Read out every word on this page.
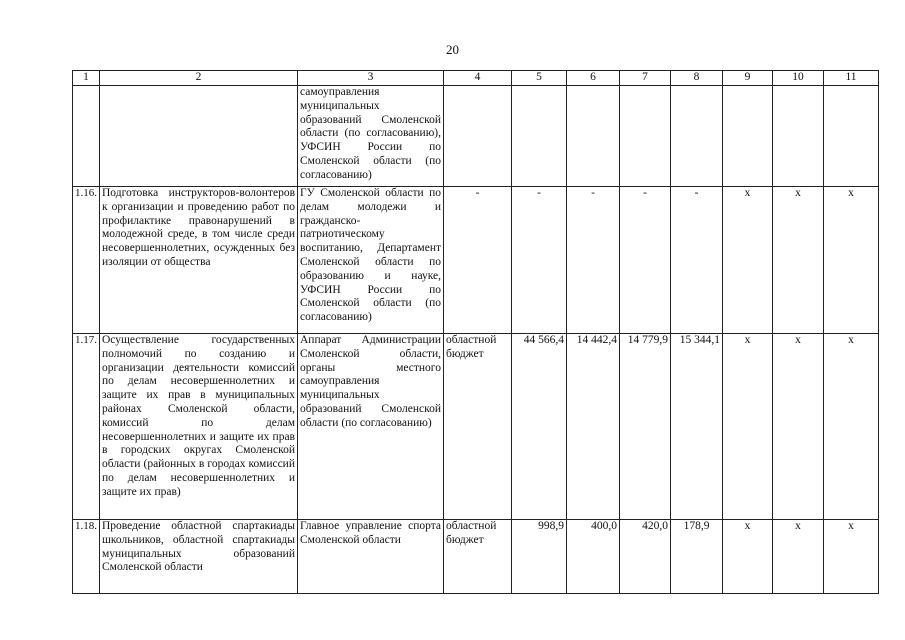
20
1	2	3	4	5	6	7	8	9	10	11
		самоуправления муниципальных образований Смоленской области (по согласованию), УФСИН России по Смоленской области (по согласованию)								
1.16.	Подготовка инструкторов-волонтеров к организации и проведению работ по профилактике правонарушений в молодежной среде, в том числе среди несовершеннолетних, осужденных без изоляции от общества	ГУ Смоленской области по делам молодежи и гражданско-патриотическому воспитанию, Департамент Смоленской области по образованию и науке, УФСИН России по Смоленской области (по согласованию)	-	-	-	-	-	х	х	х
1.17.	Осуществление государственных полномочий по созданию и организации деятельности комиссий по делам несовершеннолетних и защите их прав в муниципальных районах Смоленской области, комиссий по делам несовершеннолетних и защите их прав в городских округах Смоленской области (районных в городах комиссий по делам несовершеннолетних и защите их прав)	Аппарат Администрации Смоленской области, органы местного самоуправления муниципальных образований Смоленской области (по согласованию)	областной бюджет	44 566,4	14 442,4	14 779,9	15 344,1	х	х	х
1.18.	Проведение областной спартакиады школьников, областной спартакиады муниципальных образований Смоленской области	Главное управление спорта Смоленской области	областной бюджет	998,9	400,0	420,0	178,9	х	х	х
